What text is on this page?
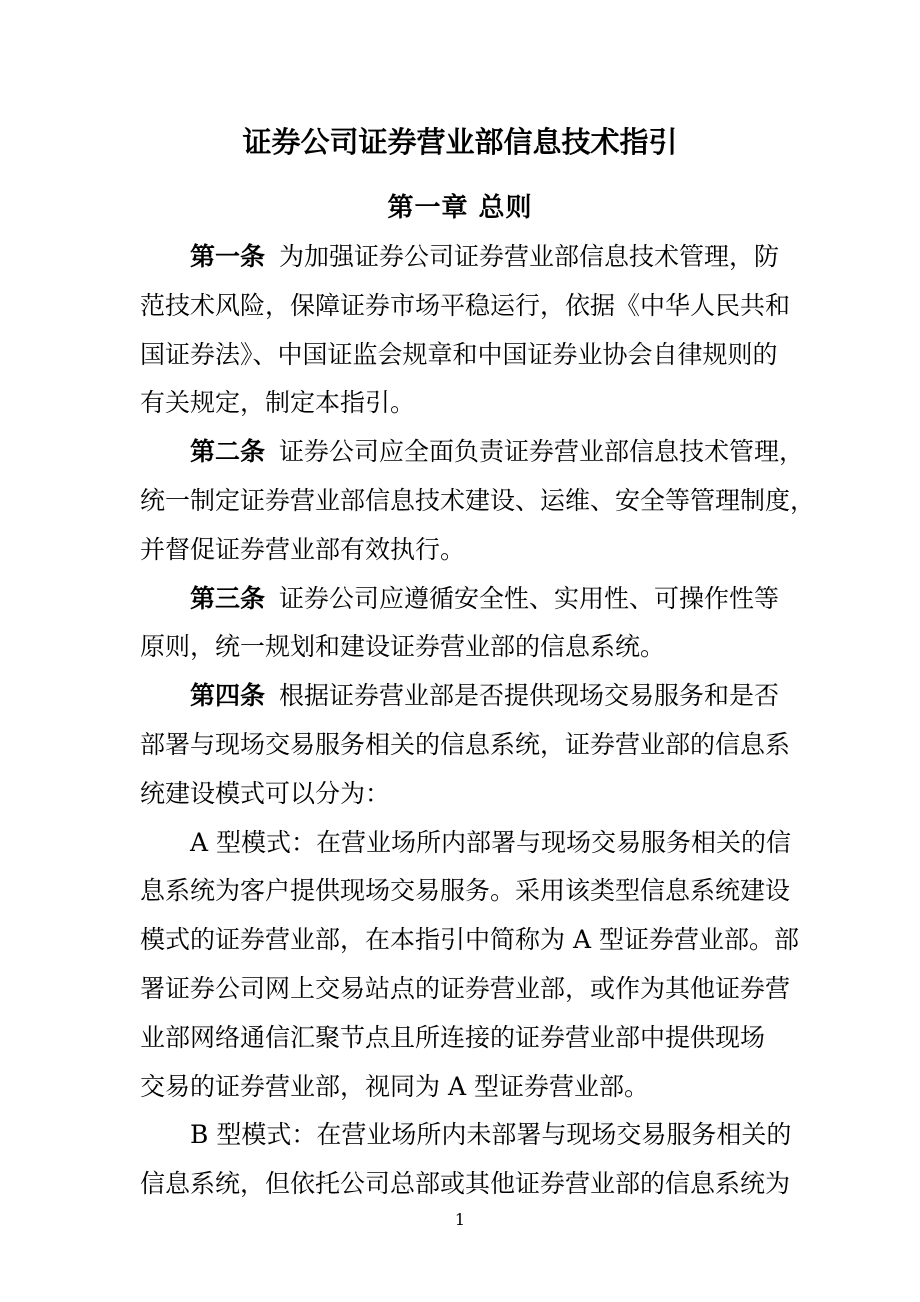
证券公司证券营业部信息技术指引
第一章 总则
第一条 为加强证券公司证券营业部信息技术管理，防
范技术风险，保障证券市场平稳运行，依据《中华人民共和
国证券法》、中国证监会规章和中国证券业协会自律规则的
有关规定，制定本指引。
第二条 证券公司应全面负责证券营业部信息技术管理，
统一制定证券营业部信息技术建设、运维、安全等管理制度，
并督促证券营业部有效执行。
第三条 证券公司应遵循安全性、实用性、可操作性等
原则，统一规划和建设证券营业部的信息系统。
第四条 根据证券营业部是否提供现场交易服务和是否
部署与现场交易服务相关的信息系统，证券营业部的信息系
统建设模式可以分为：
A 型模式：在营业场所内部署与现场交易服务相关的信
息系统为客户提供现场交易服务。采用该类型信息系统建设
模式的证券营业部，在本指引中简称为 A 型证券营业部。部
署证券公司网上交易站点的证券营业部，或作为其他证券营
业部网络通信汇聚节点且所连接的证券营业部中提供现场
交易的证券营业部，视同为 A 型证券营业部。
B 型模式：在营业场所内未部署与现场交易服务相关的
信息系统，但依托公司总部或其他证券营业部的信息系统为
1
